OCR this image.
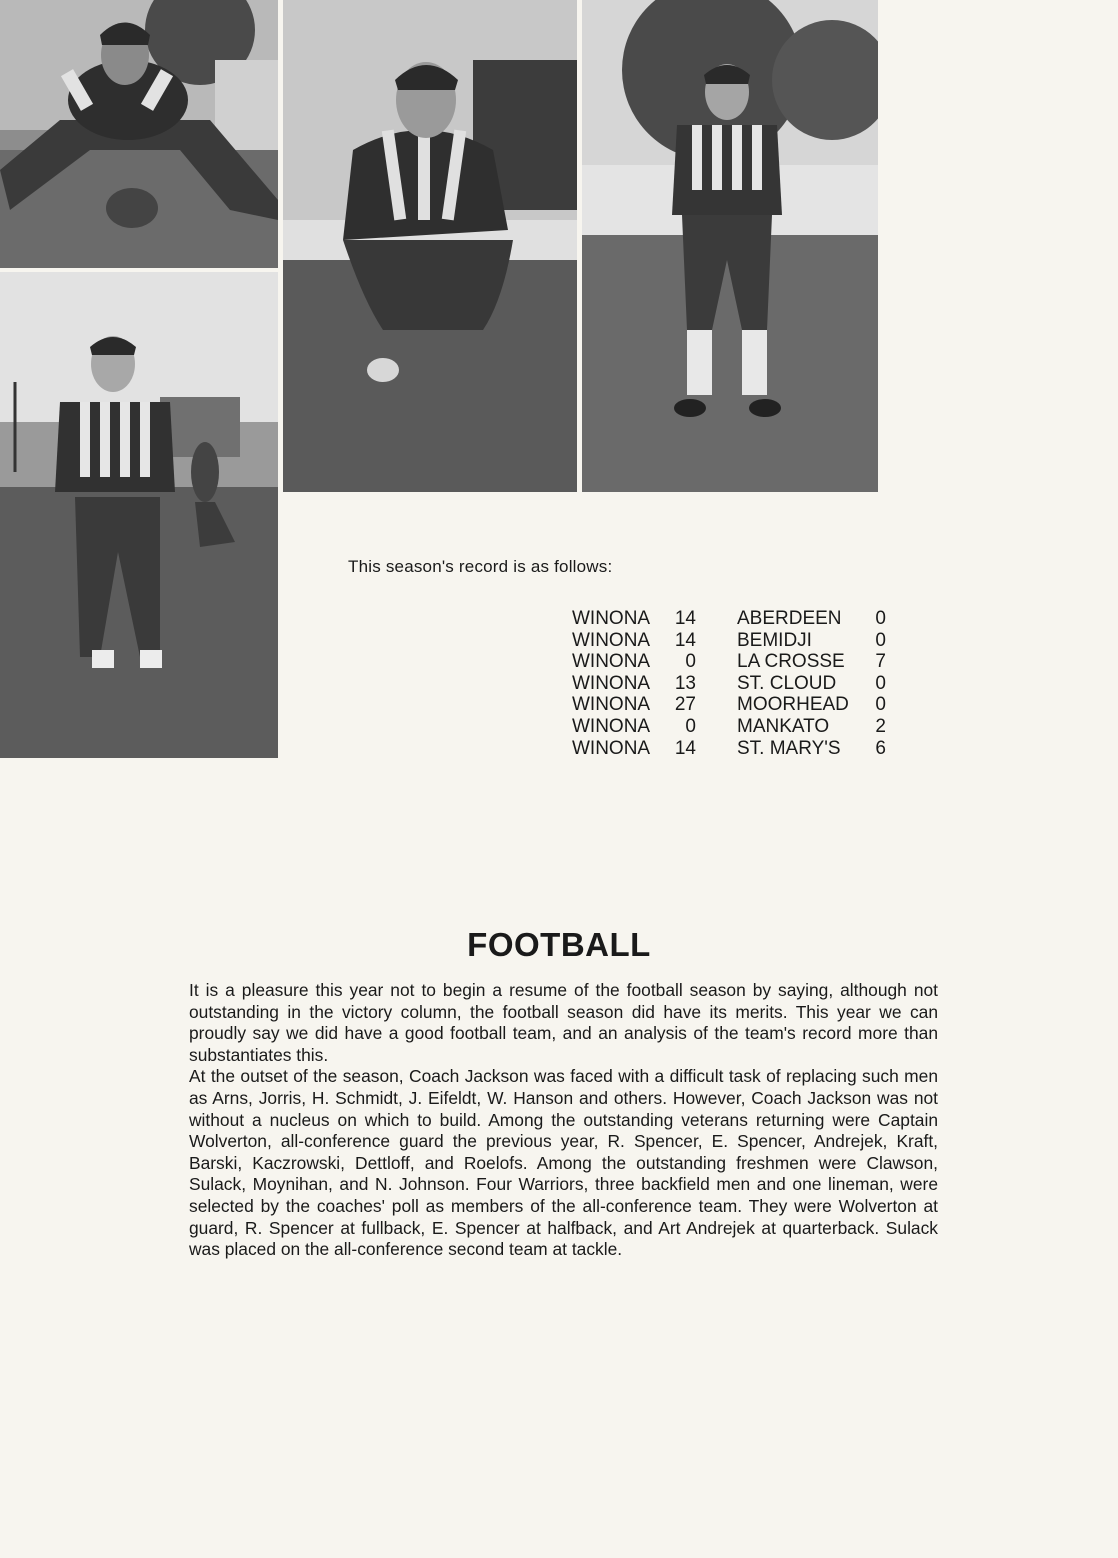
This season's record is as follows:
WINONA	14 ABERDEEN 0
WINONA	14 BEMIDJI	0
WINONA	0 LA CROSSE 7
WINONA	13 ST. CLOUD 0
WINONA	27 MOORHEAD 0
WINONA	0 MANKATO 2
WINONA	14 ST. MARY'S 6
FOOTBALL

It is a pleasure this year not to begin a resume of the football season by saying, although not outstanding in the victory column, the football season did have its merits. This year we can proudly say we did have a good football team, and an analysis of the team's record more than substantiates this.

At the outset of the season, Coach Jackson was faced with a difficult task of replacing such men as Arns, Jorris, H. Schmidt, J. Eifeldt, W. Hanson and others. However, Coach Jackson was not without a nucleus on which to build. Among the outstanding veterans returning were Captain Wolverton, all-conference guard the previous year, R. Spencer, E. Spencer, Andrejek, Kraft, Barski, Kaczrowski, Dettloff, and Roelofs. Among the outstanding freshmen were Clawson, Sulack, Moynihan, and N. Johnson. Four Warriors, three backfield men and one lineman, were selected by the coaches' poll as members of the all-conference team. They were Wolverton at guard, R. Spencer at fullback, E. Spencer at halfback, and Art Andrejek at quarterback. Sulack was placed on the all-conference second team at tackle.
